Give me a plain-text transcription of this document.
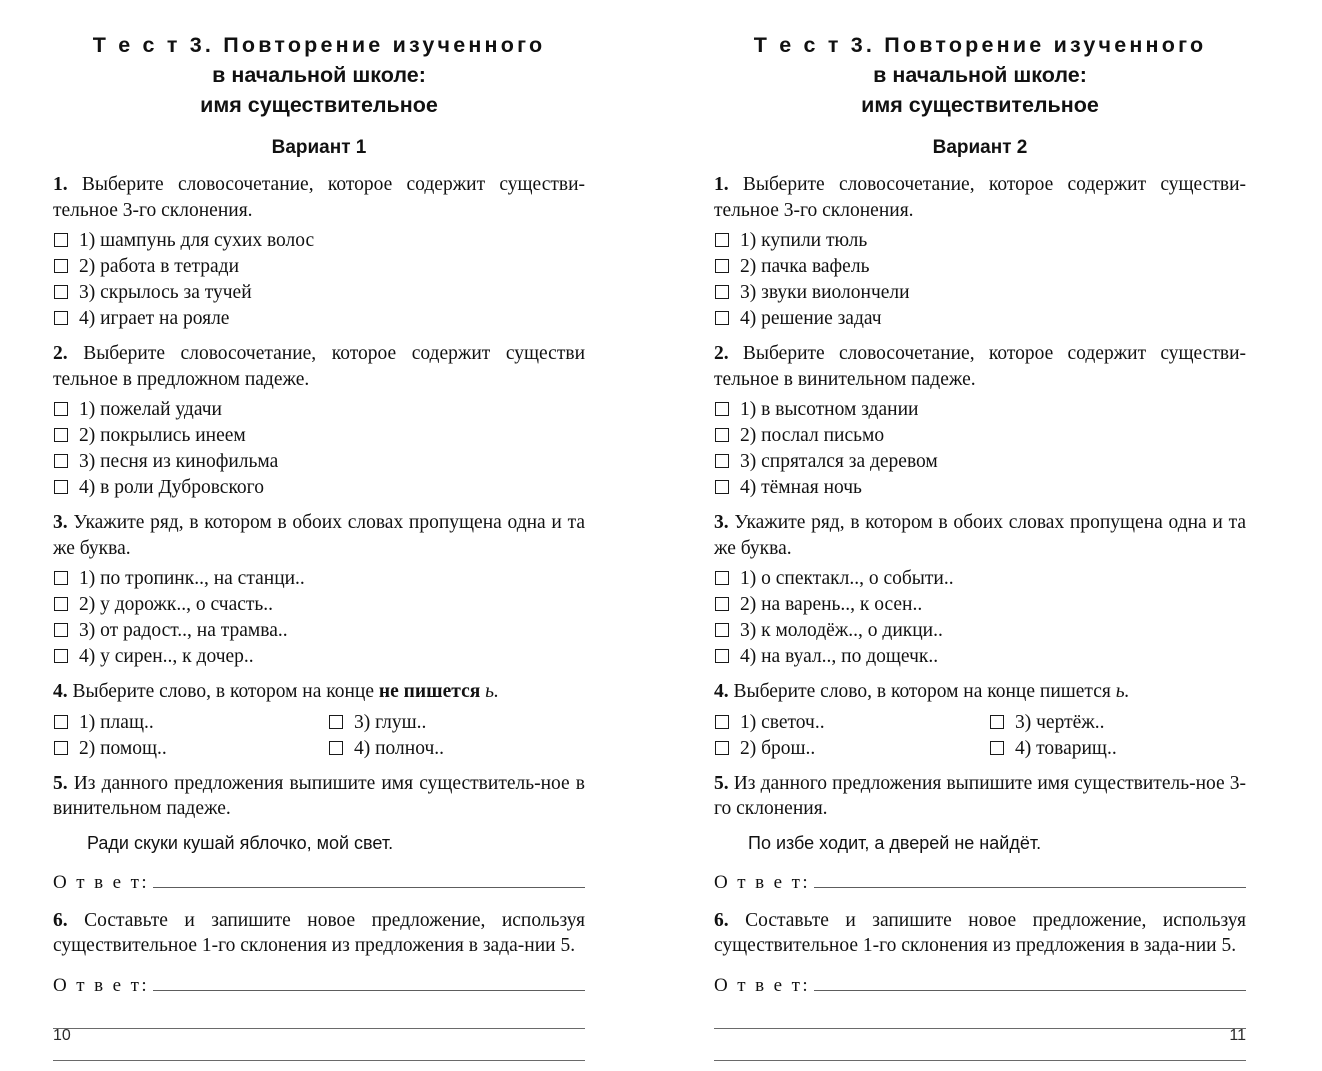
Т е с т 3. Повторение изученного
в начальной школе:
имя существительное
Вариант 1

1. Выберите словосочетание, которое содержит существи-тельное 3-го склонения.

1) шампунь для сухих волос
2) работа в тетради
3) скрылось за тучей
4) играет на рояле

2. Выберите словосочетание, которое содержит существи тельное в предложном падеже.

1) пожелай удачи
2) покрылись инеем
3) песня из кинофильма
4) в роли Дубровского

3. Укажите ряд, в котором в обоих словах пропущена одна и та же буква.

1) по тропинк.., на станци..
2) у дорожк.., о счасть..
3) от радост.., на трамва..
4) у сирен.., к дочер..

4. Выберите слово, в котором на конце не пишется ь.

1) плащ..
2) помощ..
3) глуш..
4) полноч..

5. Из данного предложения выпишите имя существитель-ное в винительном падеже.

Ради скуки кушай яблочко, мой свет.

О т в е т:

6. Составьте и запишите новое предложение, используя существительное 1-го склонения из предложения в зада-нии 5.

О т в е т:
10
Т е с т 3. Повторение изученного
в начальной школе:
имя существительное
Вариант 2

1. Выберите словосочетание, которое содержит существи-тельное 3-го склонения.

1) купили тюль
2) пачка вафель
3) звуки виолончели
4) решение задач

2. Выберите словосочетание, которое содержит существи-тельное в винительном падеже.

1) в высотном здании
2) послал письмо
3) спрятался за деревом
4) тёмная ночь

3. Укажите ряд, в котором в обоих словах пропущена одна и та же буква.

1) о спектакл.., о событи..
2) на варень.., к осен..
3) к молодёж.., о дикци..
4) на вуал.., по дощечк..

4. Выберите слово, в котором на конце пишется ь.

1) светоч..
2) брош..
3) чертёж..
4) товарищ..

5. Из данного предложения выпишите имя существитель-ное 3-го склонения.

По избе ходит, а дверей не найдёт.

О т в е т:

6. Составьте и запишите новое предложение, используя существительное 1-го склонения из предложения в зада-нии 5.

О т в е т:
11
